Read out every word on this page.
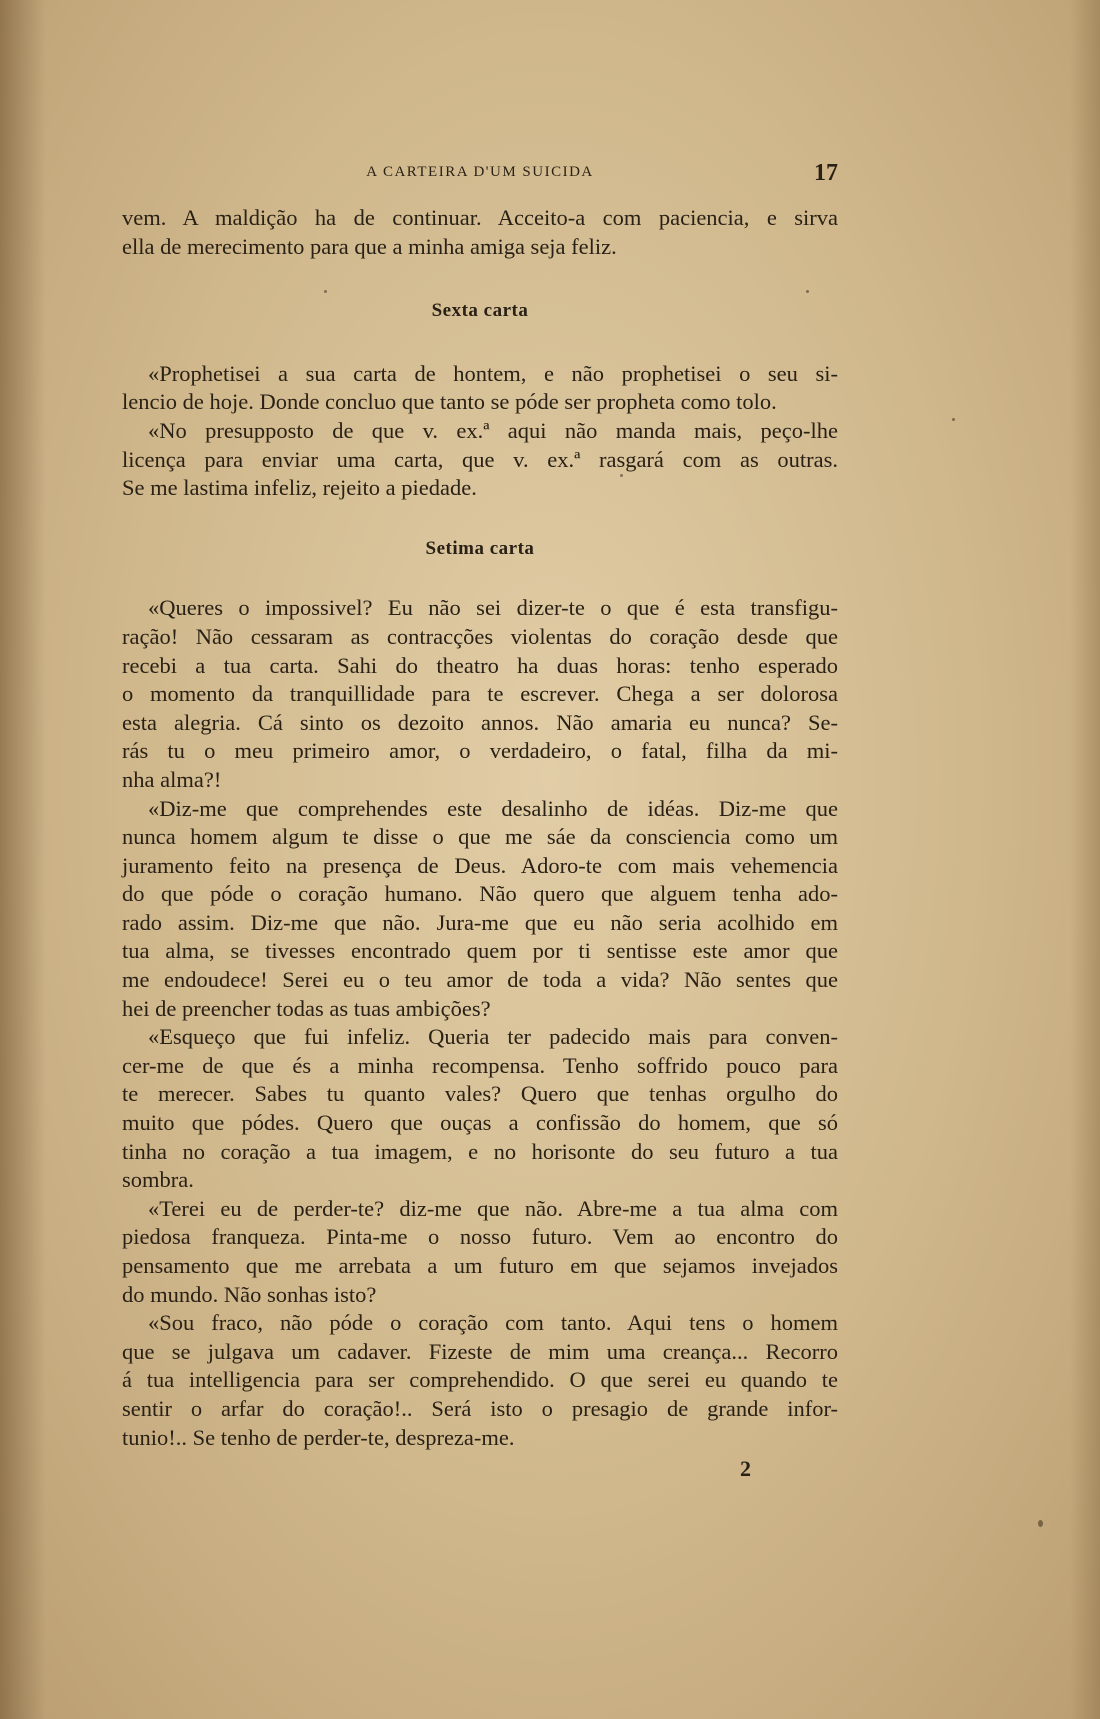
A CARTEIRA D'UM SUICIDA	17
vem. A maldição ha de continuar. Acceito-a com paciencia, e sirva
ella de merecimento para que a minha amiga seja feliz.
Sexta carta
«Prophetisei a sua carta de hontem, e não prophetisei o seu si-
lencio de hoje. Donde concluo que tanto se póde ser propheta como tolo.
«No presupposto de que v. ex.ª aqui não manda mais, peço-lhe
licença para enviar uma carta, que v. ex.ª rasgará com as outras.
Se me lastima infeliz, rejeito a piedade.
Setima carta
«Queres o impossivel? Eu não sei dizer-te o que é esta transfigu-
ração! Não cessaram as contracções violentas do coração desde que
recebi a tua carta. Sahi do theatro ha duas horas: tenho esperado
o momento da tranquillidade para te escrever. Chega a ser dolorosa
esta alegria. Cá sinto os dezoito annos. Não amaria eu nunca? Se-
rás tu o meu primeiro amor, o verdadeiro, o fatal, filha da mi-
nha alma?!
«Diz-me que comprehendes este desalinho de idéas. Diz-me que
nunca homem algum te disse o que me sáe da consciencia como um
juramento feito na presença de Deus. Adoro-te com mais vehemencia
do que póde o coração humano. Não quero que alguem tenha ado-
rado assim. Diz-me que não. Jura-me que eu não seria acolhido em
tua alma, se tivesses encontrado quem por ti sentisse este amor que
me endoudece! Serei eu o teu amor de toda a vida? Não sentes que
hei de preencher todas as tuas ambições?
«Esqueço que fui infeliz. Queria ter padecido mais para conven-
cer-me de que és a minha recompensa. Tenho soffrido pouco para
te merecer. Sabes tu quanto vales? Quero que tenhas orgulho do
muito que pódes. Quero que ouças a confissão do homem, que só
tinha no coração a tua imagem, e no horisonte do seu futuro a tua
sombra.
«Terei eu de perder-te? diz-me que não. Abre-me a tua alma com
piedosa franqueza. Pinta-me o nosso futuro. Vem ao encontro do
pensamento que me arrebata a um futuro em que sejamos invejados
do mundo. Não sonhas isto?
«Sou fraco, não póde o coração com tanto. Aqui tens o homem
que se julgava um cadaver. Fizeste de mim uma creança... Recorro
á tua intelligencia para ser comprehendido. O que serei eu quando te
sentir o arfar do coração!.. Será isto o presagio de grande infor-
tunio!.. Se tenho de perder-te, despreza-me.
2
